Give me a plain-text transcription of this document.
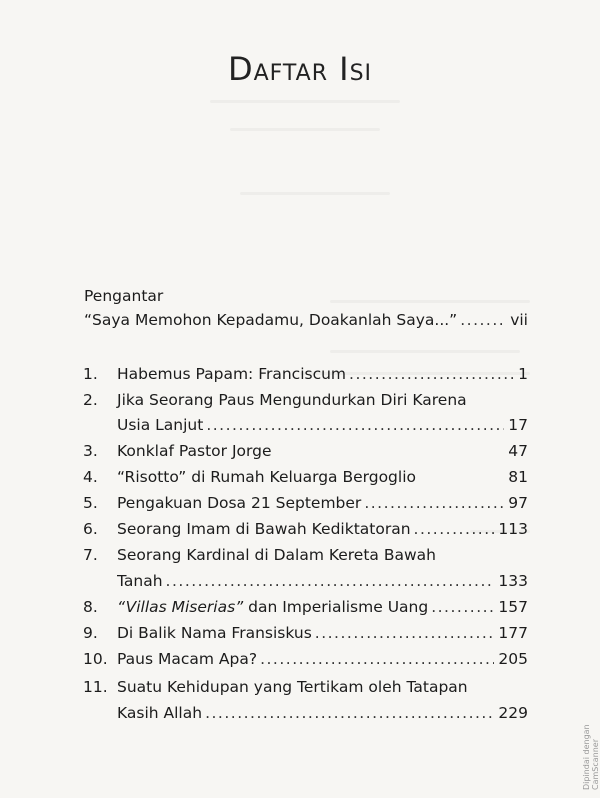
Daftar Isi
Pengantar
“Saya Memohon Kepadamu, Doakanlah Saya...” .....	vii
1. Habemus Papam: Franciscum .....	1
2. Jika Seorang Paus Mengundurkan Diri Karena
Usia Lanjut .....	17
3. Konklaf Pastor Jorge	47
4. “Risotto” di Rumah Keluarga Bergoglio	81
5. Pengakuan Dosa 21 September .....	97
6. Seorang Imam di Bawah Kediktatoran .....	113
7. Seorang Kardinal di Dalam Kereta Bawah
Tanah .....	133
8. “Villas Miserias” dan Imperialisme Uang .....	157
9. Di Balik Nama Fransiskus .....	177
10. Paus Macam Apa? .....	205
11. Suatu Kehidupan yang Tertikam oleh Tatapan
Kasih Allah .....	229
Dipindai dengan CamScanner
